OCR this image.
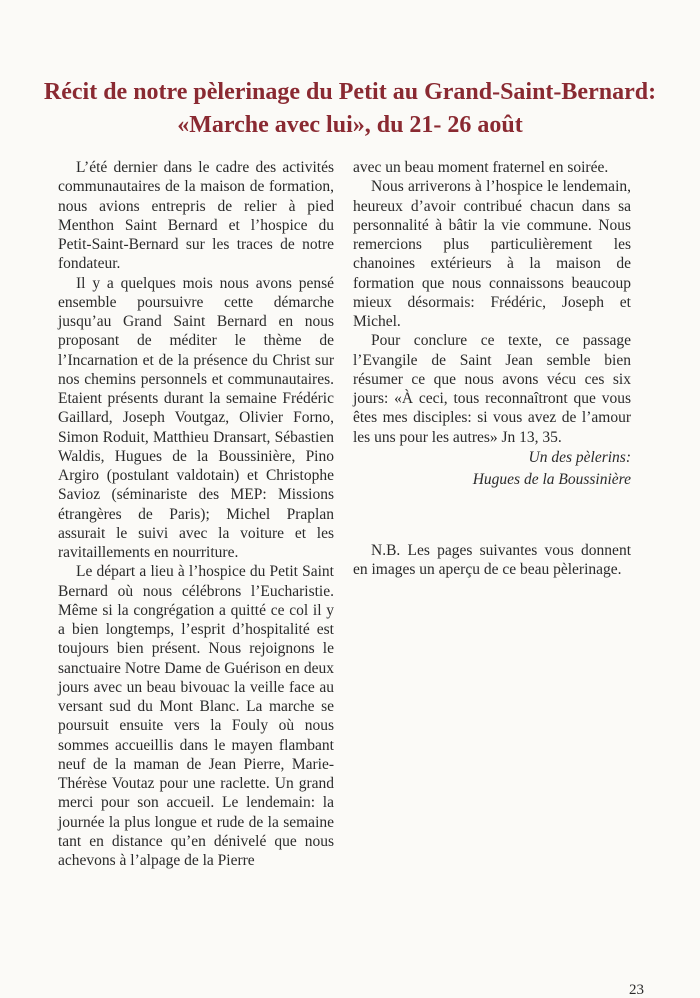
Récit de notre pèlerinage du Petit au Grand-Saint-Bernard: «Marche avec lui», du 21- 26 août

L’été dernier dans le cadre des activités communautaires de la maison de formation, nous avions entrepris de relier à pied Menthon Saint Bernard et l’hospice du Petit-Saint-Bernard sur les traces de notre fondateur.

Il y a quelques mois nous avons pensé ensemble poursuivre cette démarche jusqu’au Grand Saint Bernard en nous proposant de méditer le thème de l’Incarnation et de la présence du Christ sur nos chemins personnels et communautaires. Etaient présents durant la semaine Frédéric Gaillard, Joseph Voutgaz, Olivier Forno, Simon Roduit, Matthieu Dransart, Sébastien Waldis, Hugues de la Boussinière, Pino Argiro (postulant valdotain) et Christophe Savioz (séminariste des MEP: Missions étrangères de Paris); Michel Praplan assurait le suivi avec la voiture et les ravitaillements en nourriture.

Le départ a lieu à l’hospice du Petit Saint Bernard où nous célébrons l’Eucharistie. Même si la congrégation a quitté ce col il y a bien longtemps, l’esprit d’hospitalité est toujours bien présent. Nous rejoignons le sanctuaire Notre Dame de Guérison en deux jours avec un beau bivouac la veille face au versant sud du Mont Blanc. La marche se poursuit ensuite vers la Fouly où nous sommes accueillis dans le mayen flambant neuf de la maman de Jean Pierre, Marie-Thérèse Voutaz pour une raclette. Un grand merci pour son accueil. Le lendemain: la journée la plus longue et rude de la semaine tant en distance qu’en dénivelé que nous achevons à l’alpage de la Pierre

avec un beau moment fraternel en soirée.

Nous arriverons à l’hospice le lendemain, heureux d’avoir contribué chacun dans sa personnalité à bâtir la vie commune. Nous remercions plus particulièrement les chanoines extérieurs à la maison de formation que nous connaissons beaucoup mieux désormais: Frédéric, Joseph et Michel.

Pour conclure ce texte, ce passage l’Evangile de Saint Jean semble bien résumer ce que nous avons vécu ces six jours: «À ceci, tous reconnaîtront que vous êtes mes disciples: si vous avez de l’amour les uns pour les autres» Jn 13, 35.

Un des pèlerins:
Hugues de la Boussinière

N.B. Les pages suivantes vous donnent en images un aperçu de ce beau pèlerinage.

23
